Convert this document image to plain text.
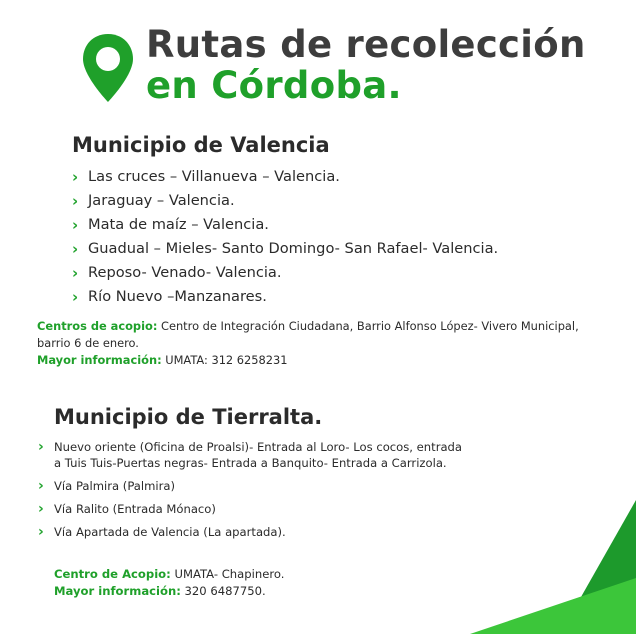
Rutas de recolección
en Córdoba.
Municipio de Valencia
› Las cruces – Villanueva – Valencia.
› Jaraguay – Valencia.
› Mata de maíz – Valencia.
› Guadual – Mieles- Santo Domingo- San Rafael- Valencia.
› Reposo- Venado- Valencia.
› Río Nuevo –Manzanares.
Centros de acopio: Centro de Integración Ciudadana, Barrio Alfonso López- Vivero Municipal, barrio 6 de enero.
Mayor información: UMATA: 312 6258231
Municipio de Tierralta.
› Nuevo oriente (Oficina de Proalsi)- Entrada al Loro- Los cocos, entrada
a Tuis Tuis-Puertas negras- Entrada a Banquito- Entrada a Carrizola.
› Vía Palmira (Palmira)
› Vía Ralito (Entrada Mónaco)
› Vía Apartada de Valencia (La apartada).
Centro de Acopio: UMATA- Chapinero.
Mayor información: 320 6487750.
